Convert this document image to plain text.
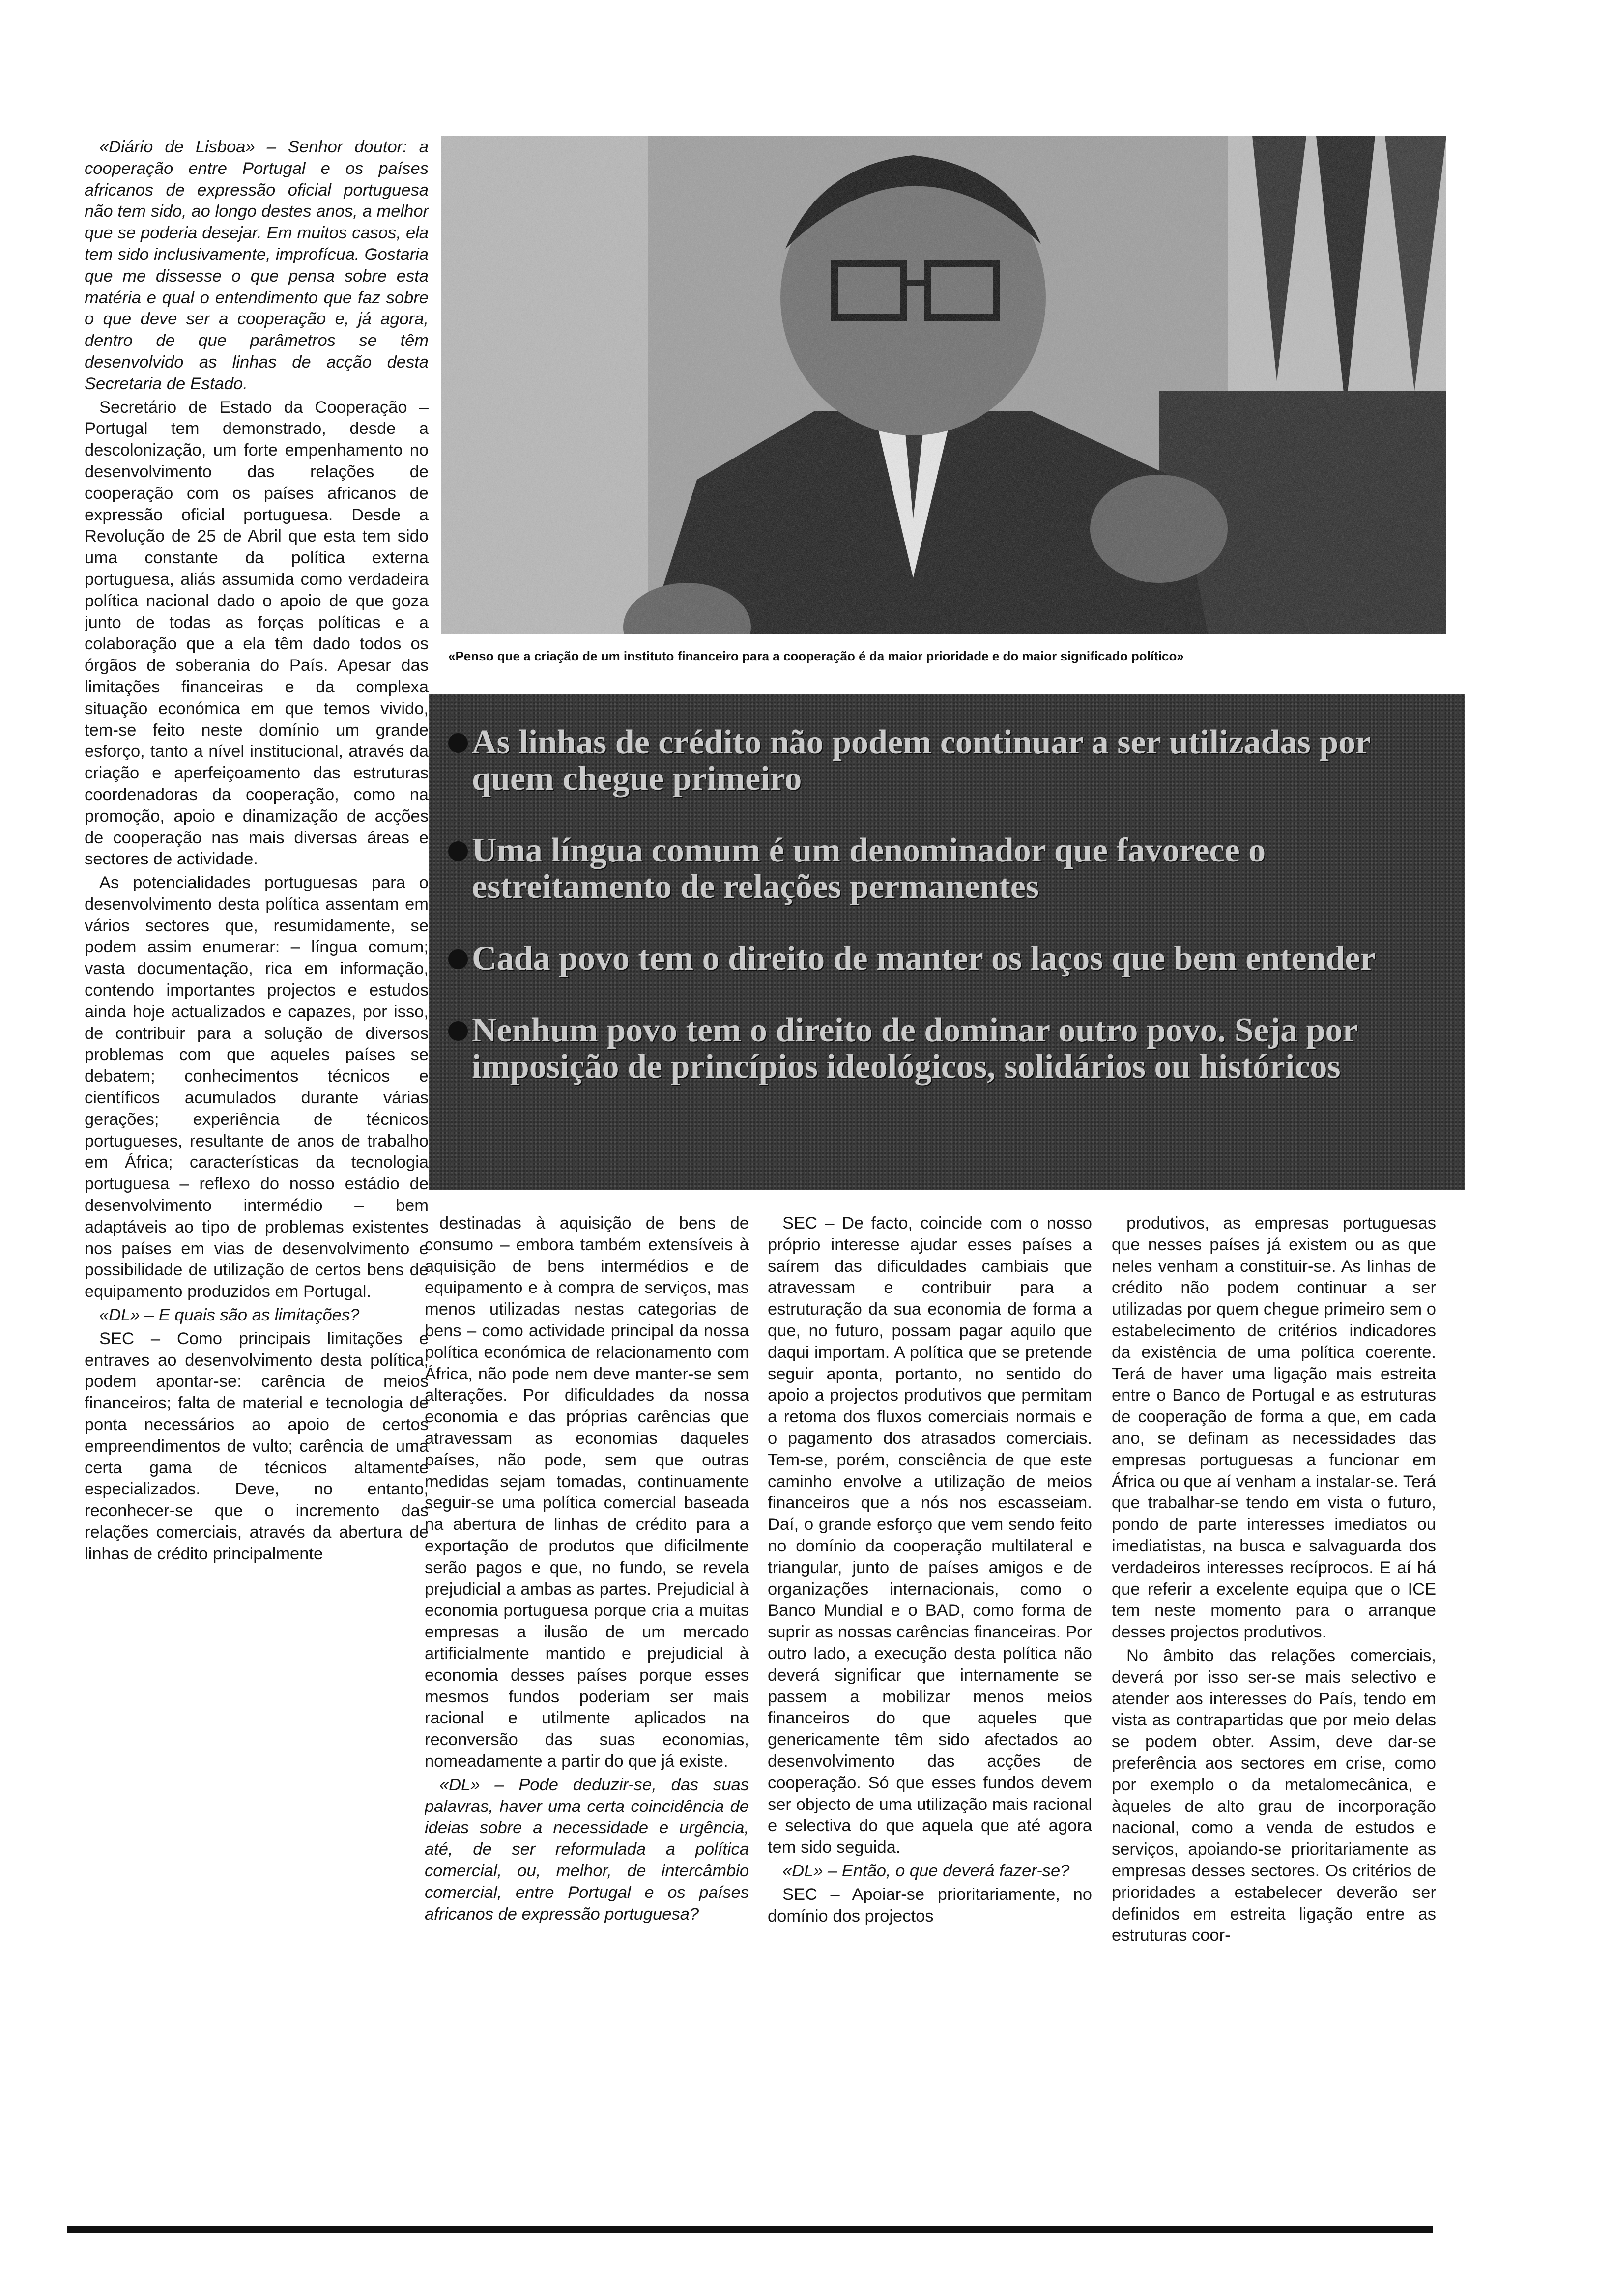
«Diário de Lisboa» – Senhor doutor: a cooperação entre Portugal e os países africanos de expressão oficial portuguesa não tem sido, ao longo destes anos, a melhor que se poderia desejar. Em muitos casos, ela tem sido inclusivamente, improfícua. Gostaria que me dissesse o que pensa sobre esta matéria e qual o entendimento que faz sobre o que deve ser a cooperação e, já agora, dentro de que parâmetros se têm desenvolvido as linhas de acção desta Secretaria de Estado.

Secretário de Estado da Cooperação – Portugal tem demonstrado, desde a descolonização, um forte empenhamento no desenvolvimento das relações de cooperação com os países africanos de expressão oficial portuguesa. Desde a Revolução de 25 de Abril que esta tem sido uma constante da política externa portuguesa, aliás assumida como verdadeira política nacional dado o apoio de que goza junto de todas as forças políticas e a colaboração que a ela têm dado todos os órgãos de soberania do País. Apesar das limitações financeiras e da complexa situação económica em que temos vivido, tem-se feito neste domínio um grande esforço, tanto a nível institucional, através da criação e aperfeiçoamento das estruturas coordenadoras da cooperação, como na promoção, apoio e dinamização de acções de cooperação nas mais diversas áreas e sectores de actividade.

As potencialidades portuguesas para o desenvolvimento desta política assentam em vários sectores que, resumidamente, se podem assim enumerar: – língua comum; vasta documentação, rica em informação, contendo importantes projectos e estudos ainda hoje actualizados e capazes, por isso, de contribuir para a solução de diversos problemas com que aqueles países se debatem; conhecimentos técnicos e científicos acumulados durante várias gerações; experiência de técnicos portugueses, resultante de anos de trabalho em África; características da tecnologia portuguesa – reflexo do nosso estádio de desenvolvimento intermédio – bem adaptáveis ao tipo de problemas existentes nos países em vias de desenvolvimento e possibilidade de utilização de certos bens de equipamento produzidos em Portugal.

«DL» – E quais são as limitações?

SEC – Como principais limitações e entraves ao desenvolvimento desta política, podem apontar-se: carência de meios financeiros; falta de material e tecnologia de ponta necessários ao apoio de certos empreendimentos de vulto; carência de uma certa gama de técnicos altamente especializados. Deve, no entanto, reconhecer-se que o incremento das relações comerciais, através da abertura de linhas de crédito principalmente

«Penso que a criação de um instituto financeiro para a cooperação é da maior prioridade e do maior significado político»
As linhas de crédito não podem continuar a ser utilizadas por quem chegue primeiro
Uma língua comum é um denominador que favorece o estreitamento de relações permanentes
Cada povo tem o direito de manter os laços que bem entender
Nenhum povo tem o direito de dominar outro povo. Seja por imposição de princípios ideológicos, solidários ou históricos

destinadas à aquisição de bens de consumo – embora também extensíveis à aquisição de bens intermédios e de equipamento e à compra de serviços, mas menos utilizadas nestas categorias de bens – como actividade principal da nossa política económica de relacionamento com África, não pode nem deve manter-se sem alterações. Por dificuldades da nossa economia e das próprias carências que atravessam as economias daqueles países, não pode, sem que outras medidas sejam tomadas, continuamente seguir-se uma política comercial baseada na abertura de linhas de crédito para a exportação de produtos que dificilmente serão pagos e que, no fundo, se revela prejudicial a ambas as partes. Prejudicial à economia portuguesa porque cria a muitas empresas a ilusão de um mercado artificialmente mantido e prejudicial à economia desses países porque esses mesmos fundos poderiam ser mais racional e utilmente aplicados na reconversão das suas economias, nomeadamente a partir do que já existe.

«DL» – Pode deduzir-se, das suas palavras, haver uma certa coincidência de ideias sobre a necessidade e urgência, até, de ser reformulada a política comercial, ou, melhor, de intercâmbio comercial, entre Portugal e os países africanos de expressão portuguesa?

SEC – De facto, coincide com o nosso próprio interesse ajudar esses países a saírem das dificuldades cambiais que atravessam e contribuir para a estruturação da sua economia de forma a que, no futuro, possam pagar aquilo que daqui importam. A política que se pretende seguir aponta, portanto, no sentido do apoio a projectos produtivos que permitam a retoma dos fluxos comerciais normais e o pagamento dos atrasados comerciais. Tem-se, porém, consciência de que este caminho envolve a utilização de meios financeiros que a nós nos escasseiam. Daí, o grande esforço que vem sendo feito no domínio da cooperação multilateral e triangular, junto de países amigos e de organizações internacionais, como o Banco Mundial e o BAD, como forma de suprir as nossas carências financeiras. Por outro lado, a execução desta política não deverá significar que internamente se passem a mobilizar menos meios financeiros do que aqueles que genericamente têm sido afectados ao desenvolvimento das acções de cooperação. Só que esses fundos devem ser objecto de uma utilização mais racional e selectiva do que aquela que até agora tem sido seguida.

«DL» – Então, o que deverá fazer-se?

SEC – Apoiar-se prioritariamente, no domínio dos projectos

produtivos, as empresas portuguesas que nesses países já existem ou as que neles venham a constituir-se. As linhas de crédito não podem continuar a ser utilizadas por quem chegue primeiro sem o estabelecimento de critérios indicadores da existência de uma política coerente. Terá de haver uma ligação mais estreita entre o Banco de Portugal e as estruturas de cooperação de forma a que, em cada ano, se definam as necessidades das empresas portuguesas a funcionar em África ou que aí venham a instalar-se. Terá que trabalhar-se tendo em vista o futuro, pondo de parte interesses imediatos ou imediatistas, na busca e salvaguarda dos verdadeiros interesses recíprocos. E aí há que referir a excelente equipa que o ICE tem neste momento para o arranque desses projectos produtivos.

No âmbito das relações comerciais, deverá por isso ser-se mais selectivo e atender aos interesses do País, tendo em vista as contrapartidas que por meio delas se podem obter. Assim, deve dar-se preferência aos sectores em crise, como por exemplo o da metalomecânica, e àqueles de alto grau de incorporação nacional, como a venda de estudos e serviços, apoiando-se prioritariamente as empresas desses sectores. Os critérios de prioridades a estabelecer deverão ser definidos em estreita ligação entre as estruturas coor-
